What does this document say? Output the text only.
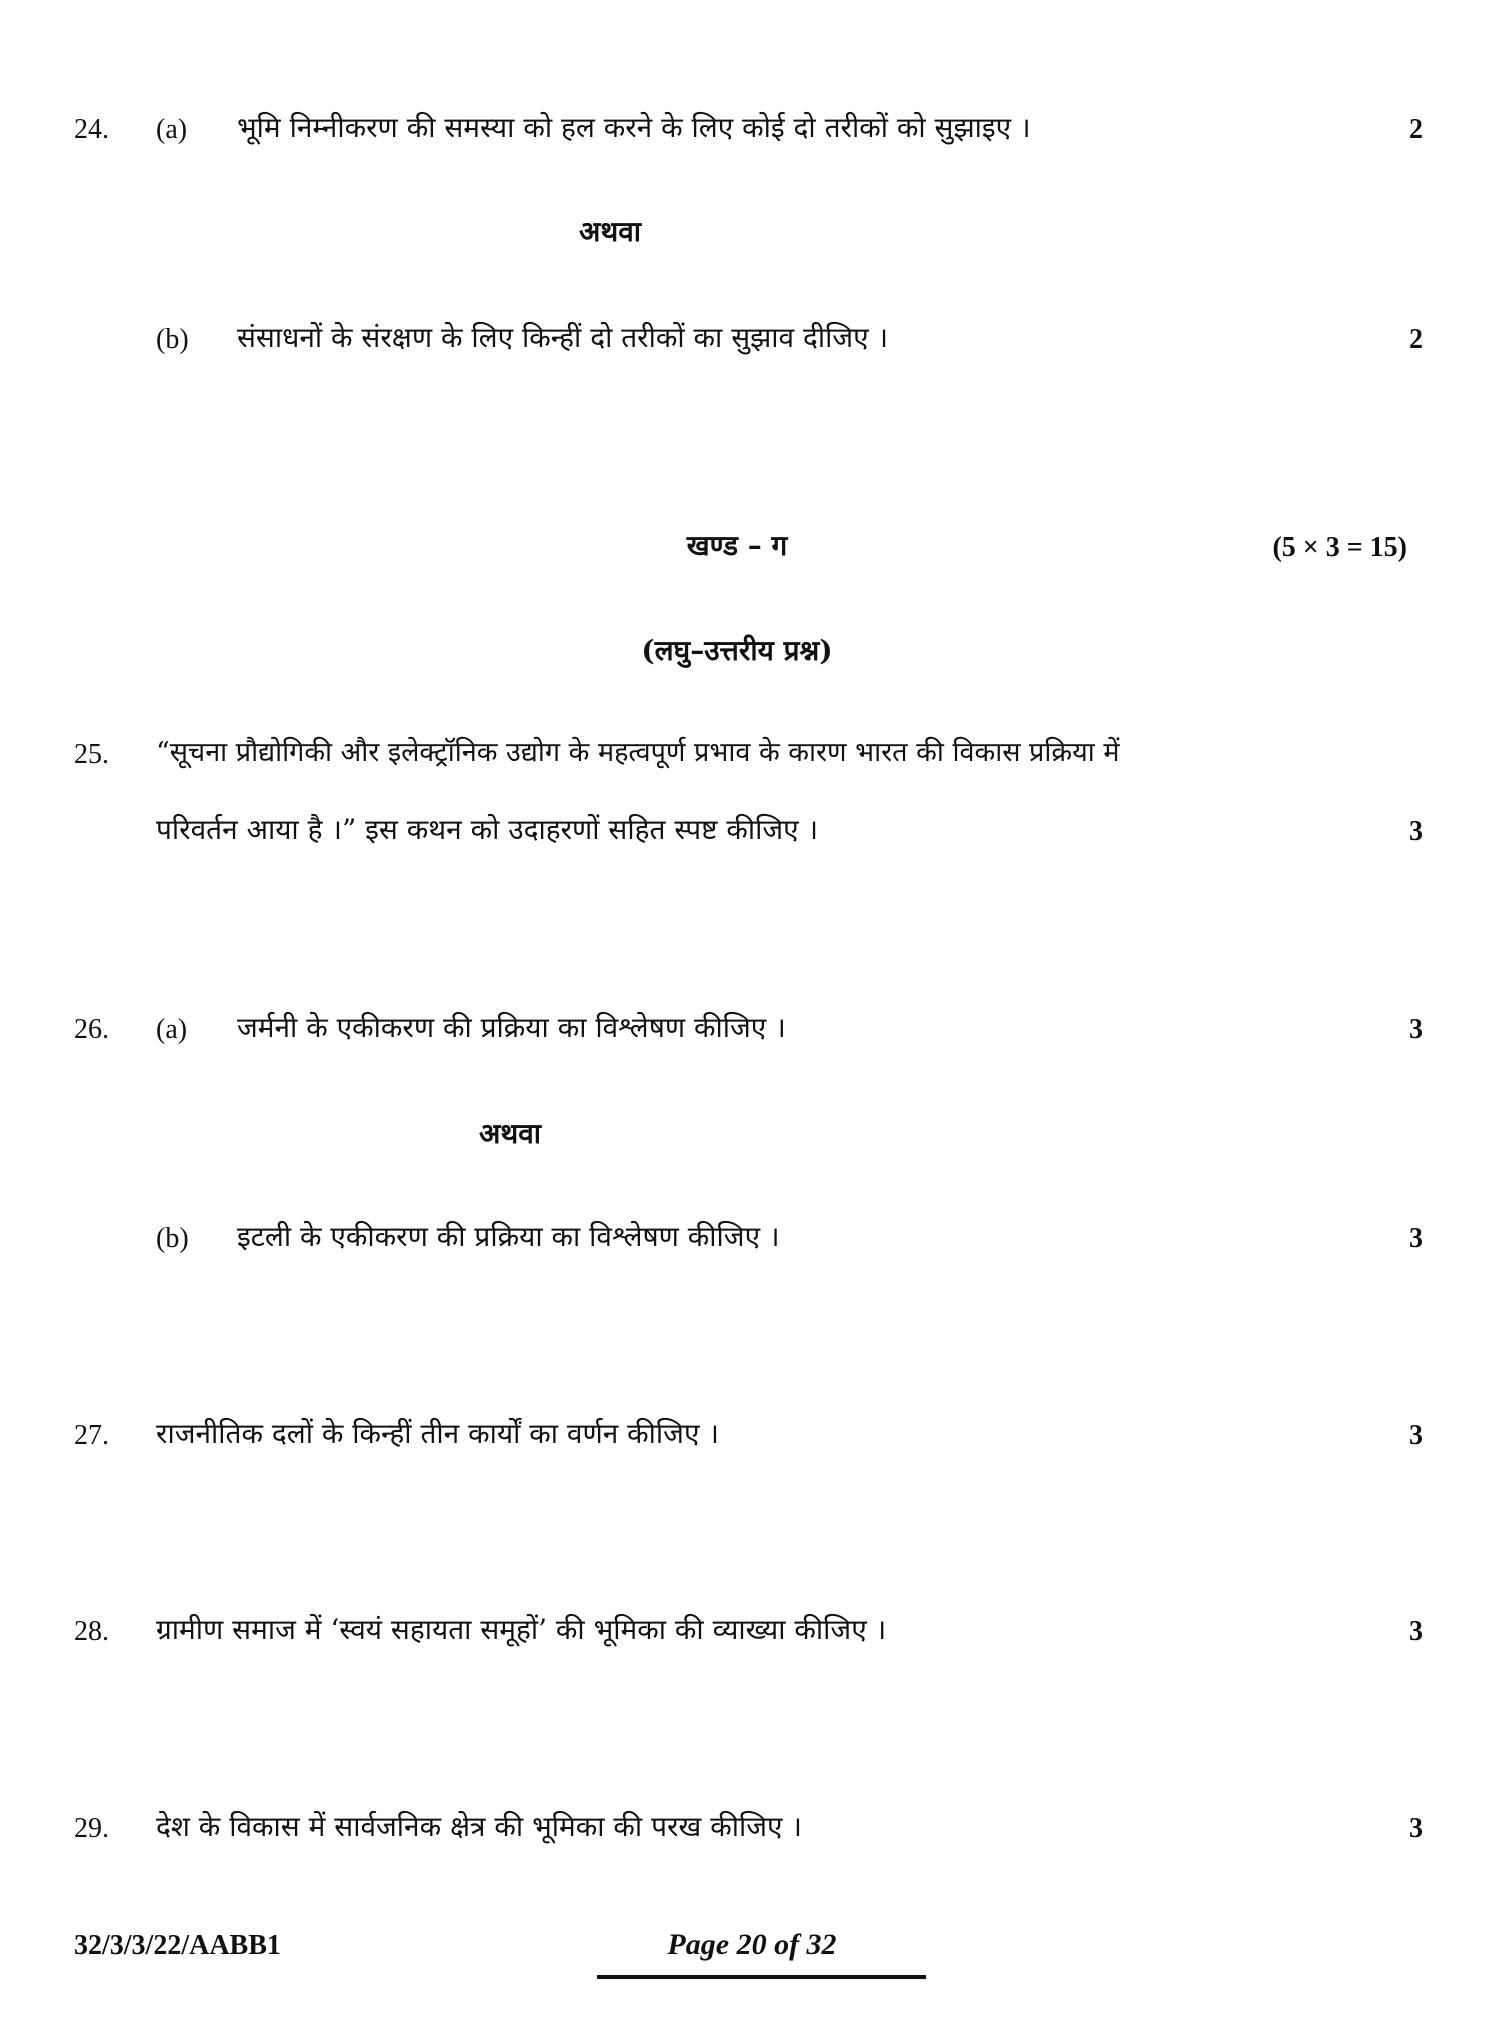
24. (a) भूमि निम्नीकरण की समस्या को हल करने के लिए कोई दो तरीकों को सुझाइए ।	2
अथवा
(b) संसाधनों के संरक्षण के लिए किन्हीं दो तरीकों का सुझाव दीजिए ।	2
खण्ड – ग	(5 × 3 = 15)
(लघु–उत्तरीय प्रश्न)
25. “सूचना प्रौद्योगिकी और इलेक्ट्रॉनिक उद्योग के महत्वपूर्ण प्रभाव के कारण भारत की विकास प्रक्रिया में
परिवर्तन आया है ।” इस कथन को उदाहरणों सहित स्पष्ट कीजिए ।	3
26. (a) जर्मनी के एकीकरण की प्रक्रिया का विश्लेषण कीजिए ।	3
अथवा
(b) इटली के एकीकरण की प्रक्रिया का विश्लेषण कीजिए ।	3
27. राजनीतिक दलों के किन्हीं तीन कार्यों का वर्णन कीजिए ।	3
28. ग्रामीण समाज में ‘स्वयं सहायता समूहों’ की भूमिका की व्याख्या कीजिए ।	3
29. देश के विकास में सार्वजनिक क्षेत्र की भूमिका की परख कीजिए ।	3
32/3/3/22/AABB1	Page 20 of 32
